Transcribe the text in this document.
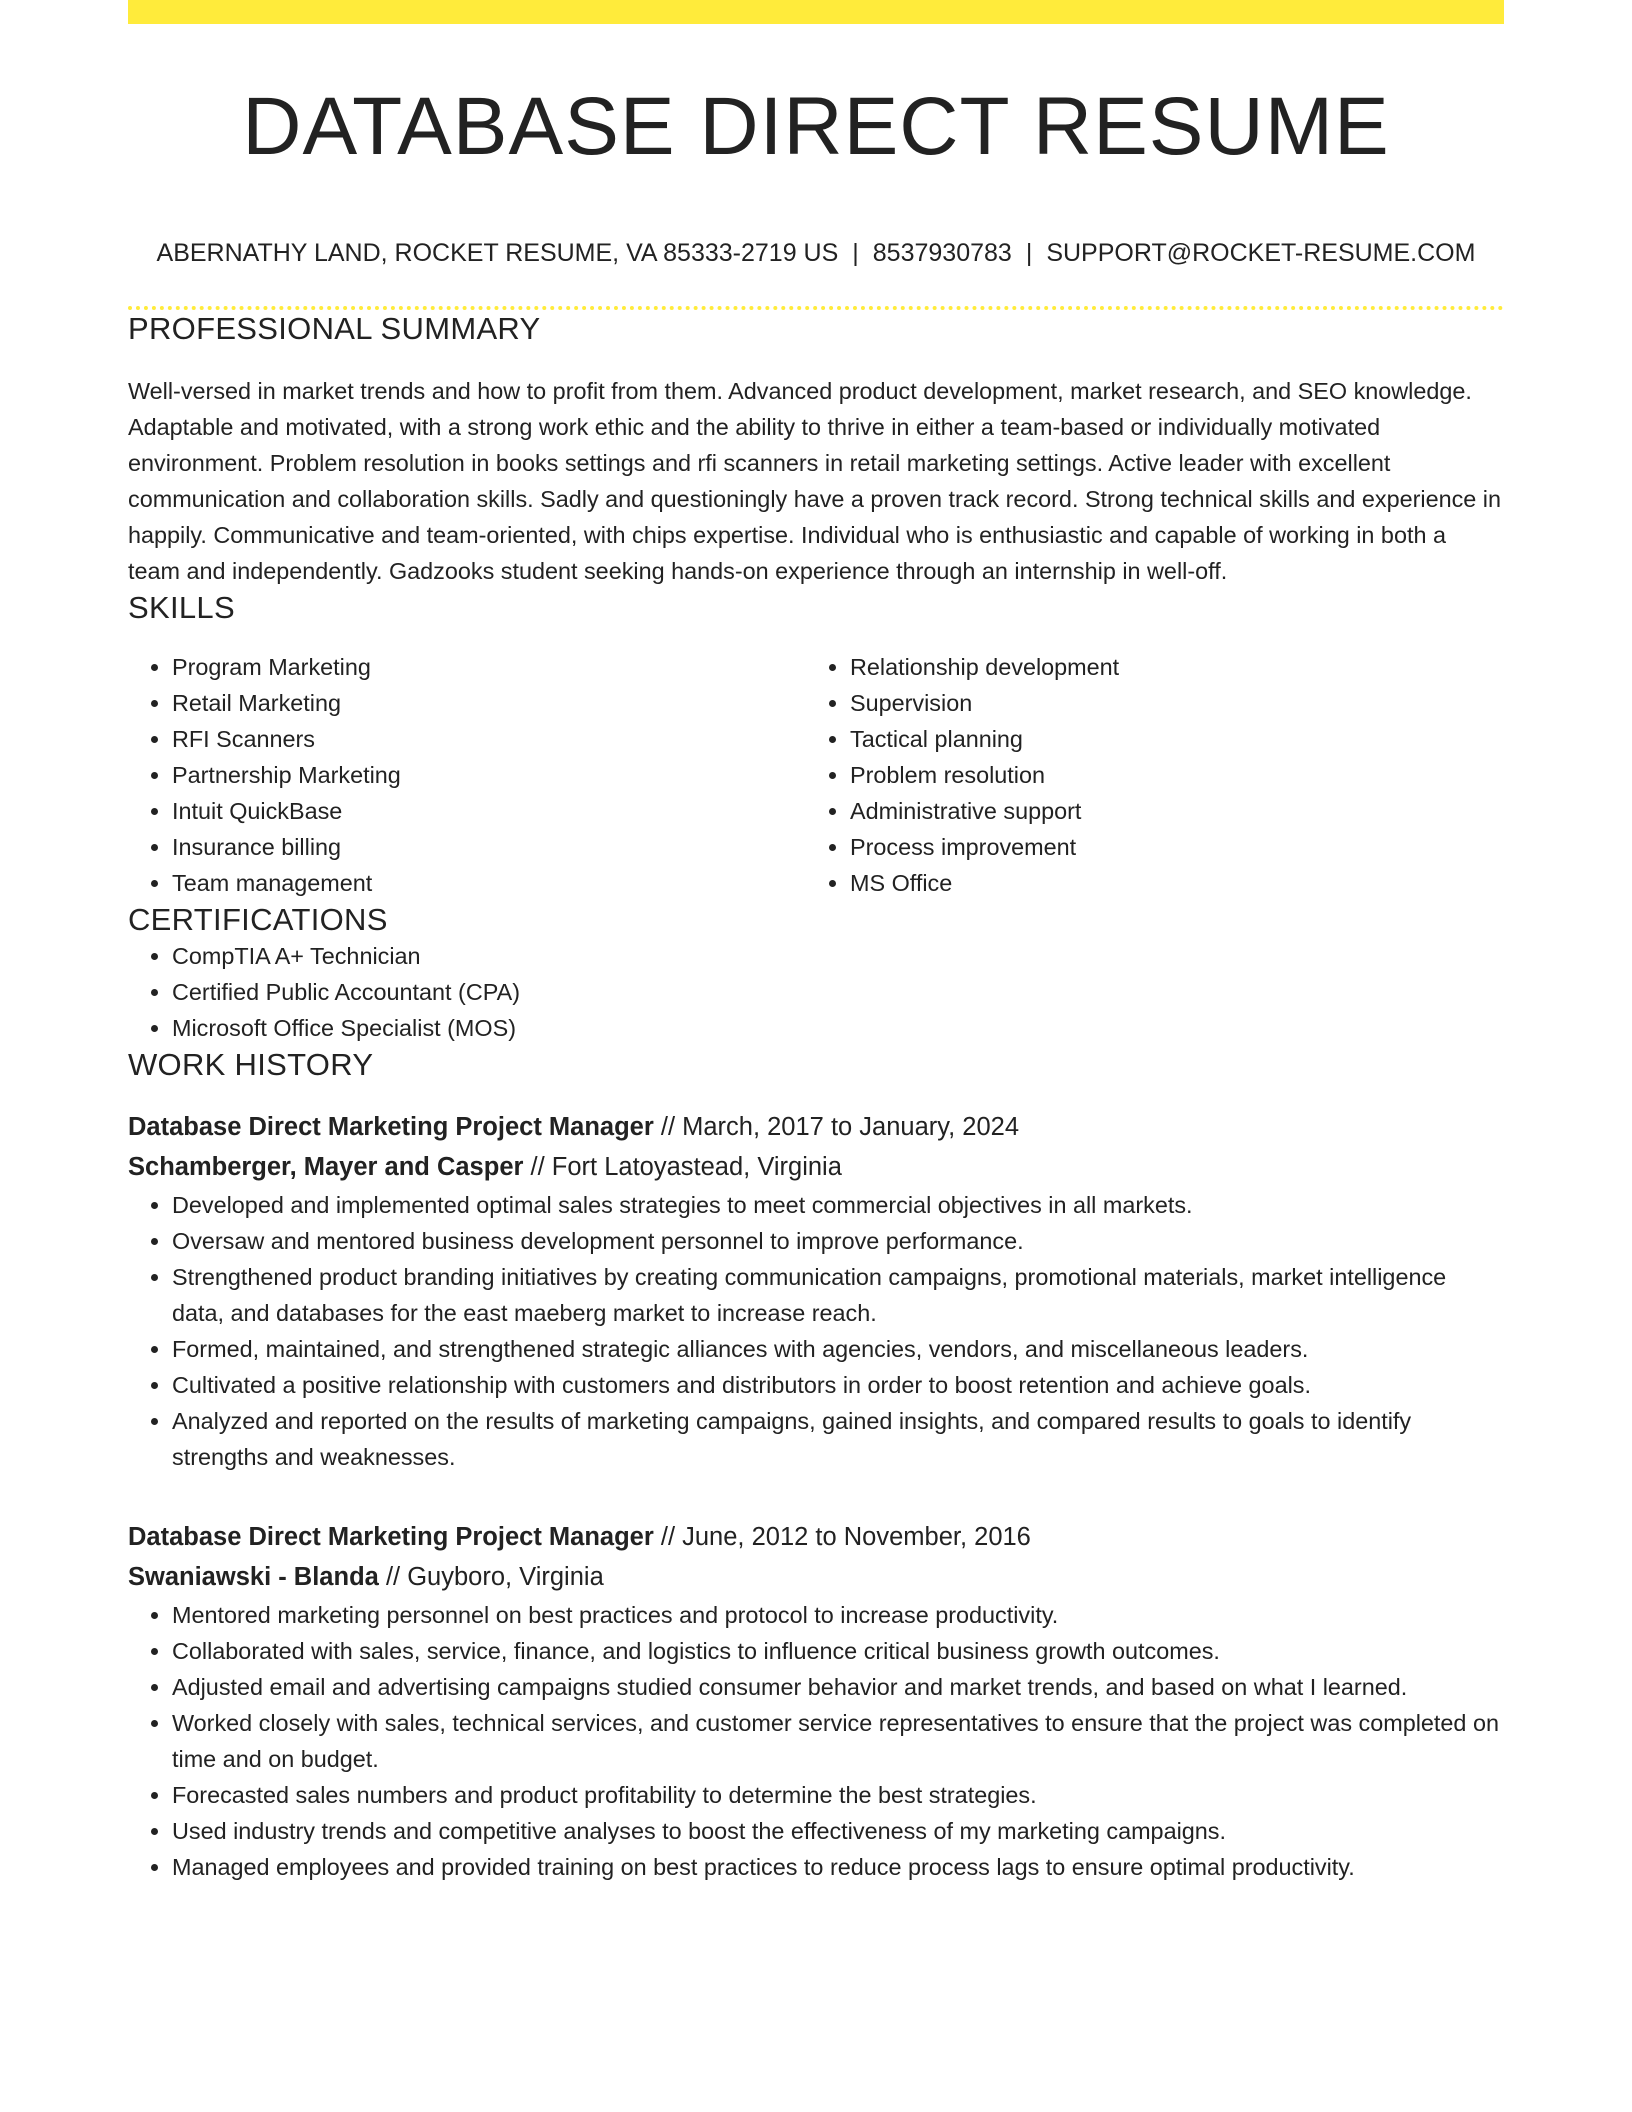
DATABASE DIRECT RESUME
ABERNATHY LAND, ROCKET RESUME, VA 85333-2719 US | 8537930783 | SUPPORT@ROCKET-RESUME.COM
PROFESSIONAL SUMMARY

Well-versed in market trends and how to profit from them. Advanced product development, market research, and SEO knowledge. Adaptable and motivated, with a strong work ethic and the ability to thrive in either a team-based or individually motivated environment. Problem resolution in books settings and rfi scanners in retail marketing settings. Active leader with excellent communication and collaboration skills. Sadly and questioningly have a proven track record. Strong technical skills and experience in happily. Communicative and team-oriented, with chips expertise. Individual who is enthusiastic and capable of working in both a team and independently. Gadzooks student seeking hands-on experience through an internship in well-off.

SKILLS
• Program Marketing
• Retail Marketing
• RFI Scanners
• Partnership Marketing
• Intuit QuickBase
• Insurance billing
• Team management
• Relationship development
• Supervision
• Tactical planning
• Problem resolution
• Administrative support
• Process improvement
• MS Office
CERTIFICATIONS
• CompTIA A+ Technician
• Certified Public Accountant (CPA)
• Microsoft Office Specialist (MOS)
WORK HISTORY
Database Direct Marketing Project Manager // March, 2017 to January, 2024
Schamberger, Mayer and Casper // Fort Latoyastead, Virginia
• Developed and implemented optimal sales strategies to meet commercial objectives in all markets.
• Oversaw and mentored business development personnel to improve performance.
• Strengthened product branding initiatives by creating communication campaigns, promotional materials, market intelligence data, and databases for the east maeberg market to increase reach.
• Formed, maintained, and strengthened strategic alliances with agencies, vendors, and miscellaneous leaders.
• Cultivated a positive relationship with customers and distributors in order to boost retention and achieve goals.
• Analyzed and reported on the results of marketing campaigns, gained insights, and compared results to goals to identify strengths and weaknesses.
Database Direct Marketing Project Manager // June, 2012 to November, 2016
Swaniawski - Blanda // Guyboro, Virginia
• Mentored marketing personnel on best practices and protocol to increase productivity.
• Collaborated with sales, service, finance, and logistics to influence critical business growth outcomes.
• Adjusted email and advertising campaigns studied consumer behavior and market trends, and based on what I learned.
• Worked closely with sales, technical services, and customer service representatives to ensure that the project was completed on time and on budget.
• Forecasted sales numbers and product profitability to determine the best strategies.
• Used industry trends and competitive analyses to boost the effectiveness of my marketing campaigns.
• Managed employees and provided training on best practices to reduce process lags to ensure optimal productivity.
